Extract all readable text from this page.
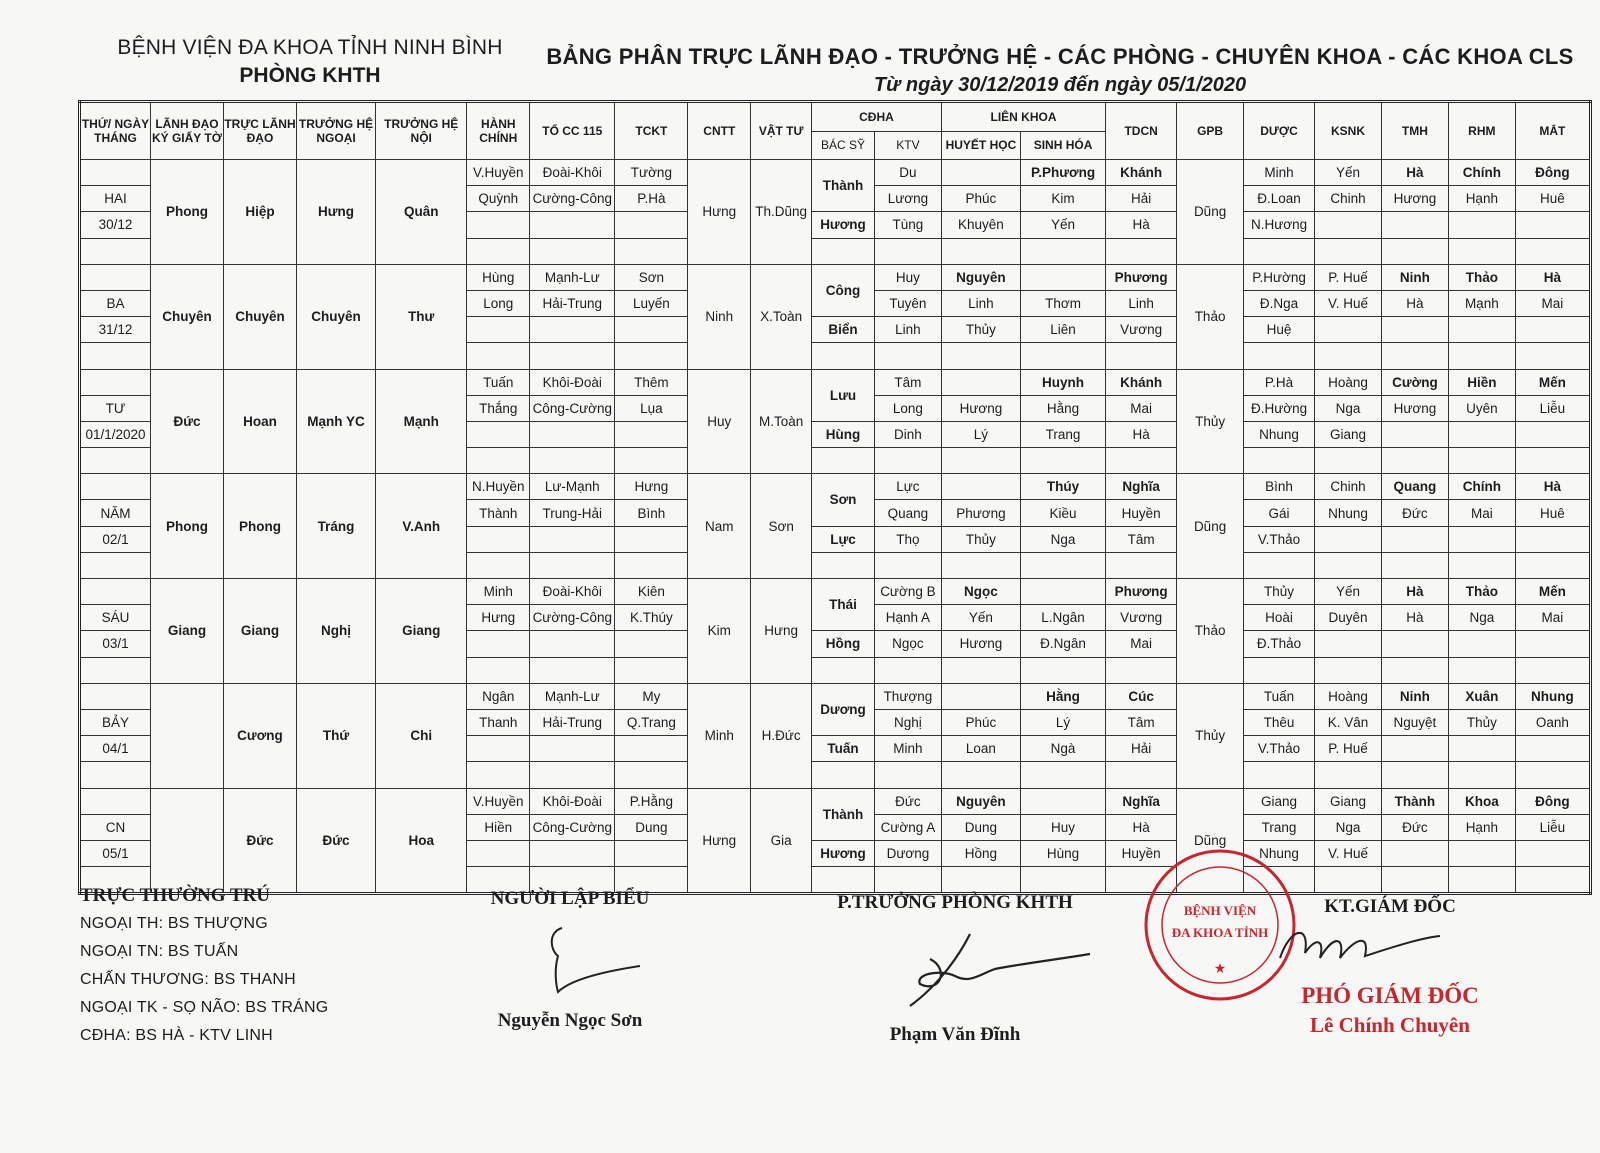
BỆNH VIỆN ĐA KHOA TỈNH NINH BÌNH
PHÒNG KHTH
BẢNG PHÂN TRỰC LÃNH ĐẠO - TRƯỞNG HỆ - CÁC PHÒNG - CHUYÊN KHOA - CÁC KHOA CLS
Từ ngày 30/12/2019 đến ngày 05/1/2020
THỨ/ NGÀY THÁNG	LÃNH ĐẠO KÝ GIẤY TỜ	TRỰC LÃNH ĐẠO	TRƯỞNG HỆ NGOẠI	TRƯỞNG HỆ NỘI	HÀNH CHÍNH	TỔ CC 115	TCKT	CNTT	VẬT TƯ	CĐHA		LIÊN KHOA		TDCN	GPB	DƯỢC	KSNK	TMH	RHM	MẮT
										BÁC SỸ	KTV	HUYẾT HỌC	SINH HÓA							
	Phong	Hiệp	Hưng	Quân	V.Huyền	Đoài-Khôi	Tường	Hưng	Th.Dũng	Thành	Du		P.Phương	Khánh	Dũng	Minh	Yến	Hà	Chính	Đông
HAI					Quỳnh	Cường-Công	P.Hà				Lương	Phúc	Kim	Hải		Đ.Loan	Chinh	Hương	Hạnh	Huê
30/12										Hương	Tùng	Khuyên	Yến	Hà		N.Hương				

	Chuyên	Chuyên	Chuyên	Thư	Hùng	Mạnh-Lư	Sơn	Ninh	X.Toàn	Công	Huy	Nguyên		Phương	Thảo	P.Hường	P. Huế	Ninh	Thảo	Hà
BA					Long	Hải-Trung	Luyến				Tuyên	Linh	Thơm	Linh		Đ.Nga	V. Huế	Hà	Mạnh	Mai
31/12										Biển	Linh	Thủy	Liên	Vương		Huệ				

	Đức	Hoan	Mạnh YC	Mạnh	Tuấn	Khôi-Đoài	Thêm	Huy	M.Toàn	Lưu	Tâm		Huynh	Khánh	Thủy	P.Hà	Hoàng	Cường	Hiền	Mến
TƯ					Thắng	Công-Cường	Lụa				Long	Hương	Hằng	Mai		Đ.Hường	Nga	Hương	Uyên	Liễu
01/1/2020										Hùng	Dinh	Lý	Trang	Hà		Nhung	Giang			

	Phong	Phong	Tráng	V.Anh	N.Huyền	Lư-Mạnh	Hưng	Nam	Sơn	Sơn	Lực		Thúy	Nghĩa	Dũng	Bình	Chinh	Quang	Chính	Hà
NĂM					Thành	Trung-Hải	Bình				Quang	Phương	Kiều	Huyền		Gái	Nhung	Đức	Mai	Huê
02/1										Lực	Thọ	Thủy	Nga	Tâm		V.Thảo				

	Giang	Giang	Nghị	Giang	Minh	Đoài-Khôi	Kiên	Kim	Hưng	Thái	Cường B	Ngọc		Phương	Thảo	Thủy	Yến	Hà	Thảo	Mến
SÁU					Hưng	Cường-Công	K.Thúy				Hạnh A	Yến	L.Ngân	Vương		Hoài	Duyên	Hà	Nga	Mai
03/1										Hồng	Ngọc	Hương	Đ.Ngân	Mai		Đ.Thảo				

		Cương	Thứ	Chi	Ngân	Mạnh-Lư	My	Minh	H.Đức	Dương	Thượng		Hằng	Cúc	Thủy	Tuấn	Hoàng	Ninh	Xuân	Nhung
BẢY					Thanh	Hải-Trung	Q.Trang				Nghị	Phúc	Lý	Tâm		Thêu	K. Vân	Nguyệt	Thủy	Oanh
04/1										Tuấn	Minh	Loan	Ngà	Hải		V.Thảo	P. Huế			

		Đức	Đức	Hoa	V.Huyền	Khôi-Đoài	P.Hằng	Hưng	Gia	Thành	Đức	Nguyên		Nghĩa	Dũng	Giang	Giang	Thành	Khoa	Đông
CN					Hiền	Công-Cường	Dung				Cường A	Dung	Huy	Hà		Trang	Nga	Đức	Hạnh	Liễu
05/1										Hương	Dương	Hồng	Hùng	Huyền		Nhung	V. Huế			

TRỰC THƯỜNG TRÚ
NGOẠI TH: BS THƯỢNG
NGOẠI TN: BS TUẤN
CHẤN THƯƠNG: BS THANH
NGOẠI TK - SỌ NÃO: BS TRÁNG
CĐHA: BS HÀ - KTV LINH
NGƯỜI LẬP BIỂU
Nguyễn Ngọc Sơn
P.TRƯỞNG PHÒNG KHTH
Phạm Văn Đĩnh
BỆNH VIỆN
ĐA KHOA TỈNH
★
KT.GIÁM ĐỐC
PHÓ GIÁM ĐỐC
Lê Chính Chuyên
